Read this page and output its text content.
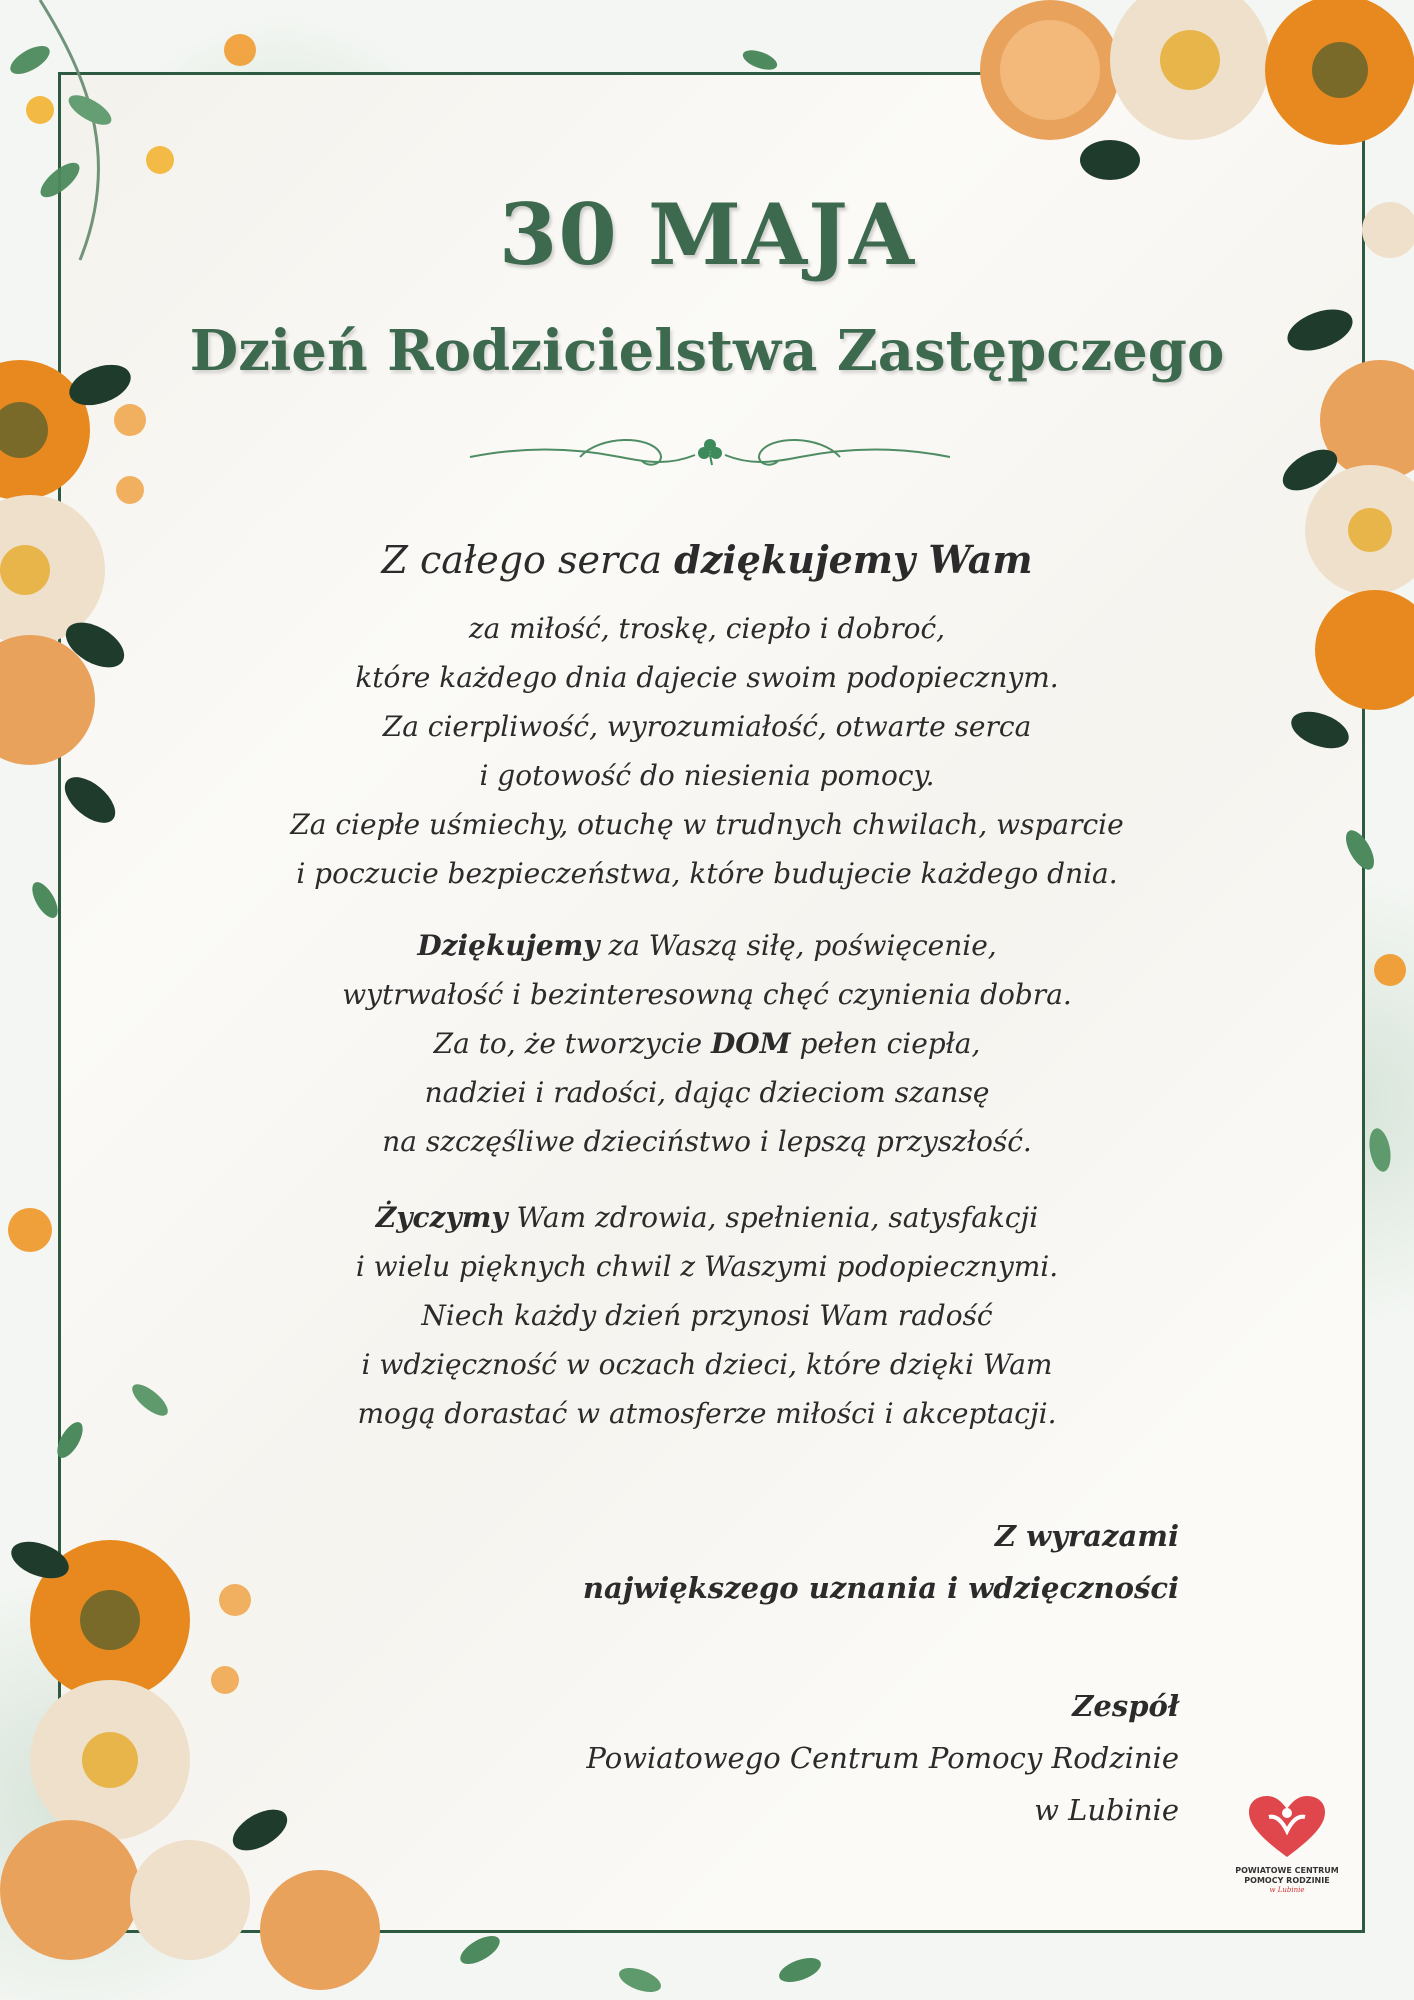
30 MAJA
Dzień Rodzicielstwa Zastępczego
Z całego serca dziękujemy Wam
za miłość, troskę, ciepło i dobroć,
które każdego dnia dajecie swoim podopiecznym.
Za cierpliwość, wyrozumiałość, otwarte serca
i gotowość do niesienia pomocy.
Za ciepłe uśmiechy, otuchę w trudnych chwilach, wsparcie
i poczucie bezpieczeństwa, które budujecie każdego dnia.
Dziękujemy za Waszą siłę, poświęcenie,
wytrwałość i bezinteresowną chęć czynienia dobra.
Za to, że tworzycie DOM pełen ciepła,
nadziei i radości, dając dzieciom szansę
na szczęśliwe dzieciństwo i lepszą przyszłość.
Życzymy Wam zdrowia, spełnienia, satysfakcji
i wielu pięknych chwil z Waszymi podopiecznymi.
Niech każdy dzień przynosi Wam radość
i wdzięczność w oczach dzieci, które dzięki Wam
mogą dorastać w atmosferze miłości i akceptacji.
Z wyrazami
największego uznania i wdzięczności
Zespół
Powiatowego Centrum Pomocy Rodzinie
w Lubinie
POWIATOWE CENTRUM
POMOCY RODZINIE
w Lubinie
